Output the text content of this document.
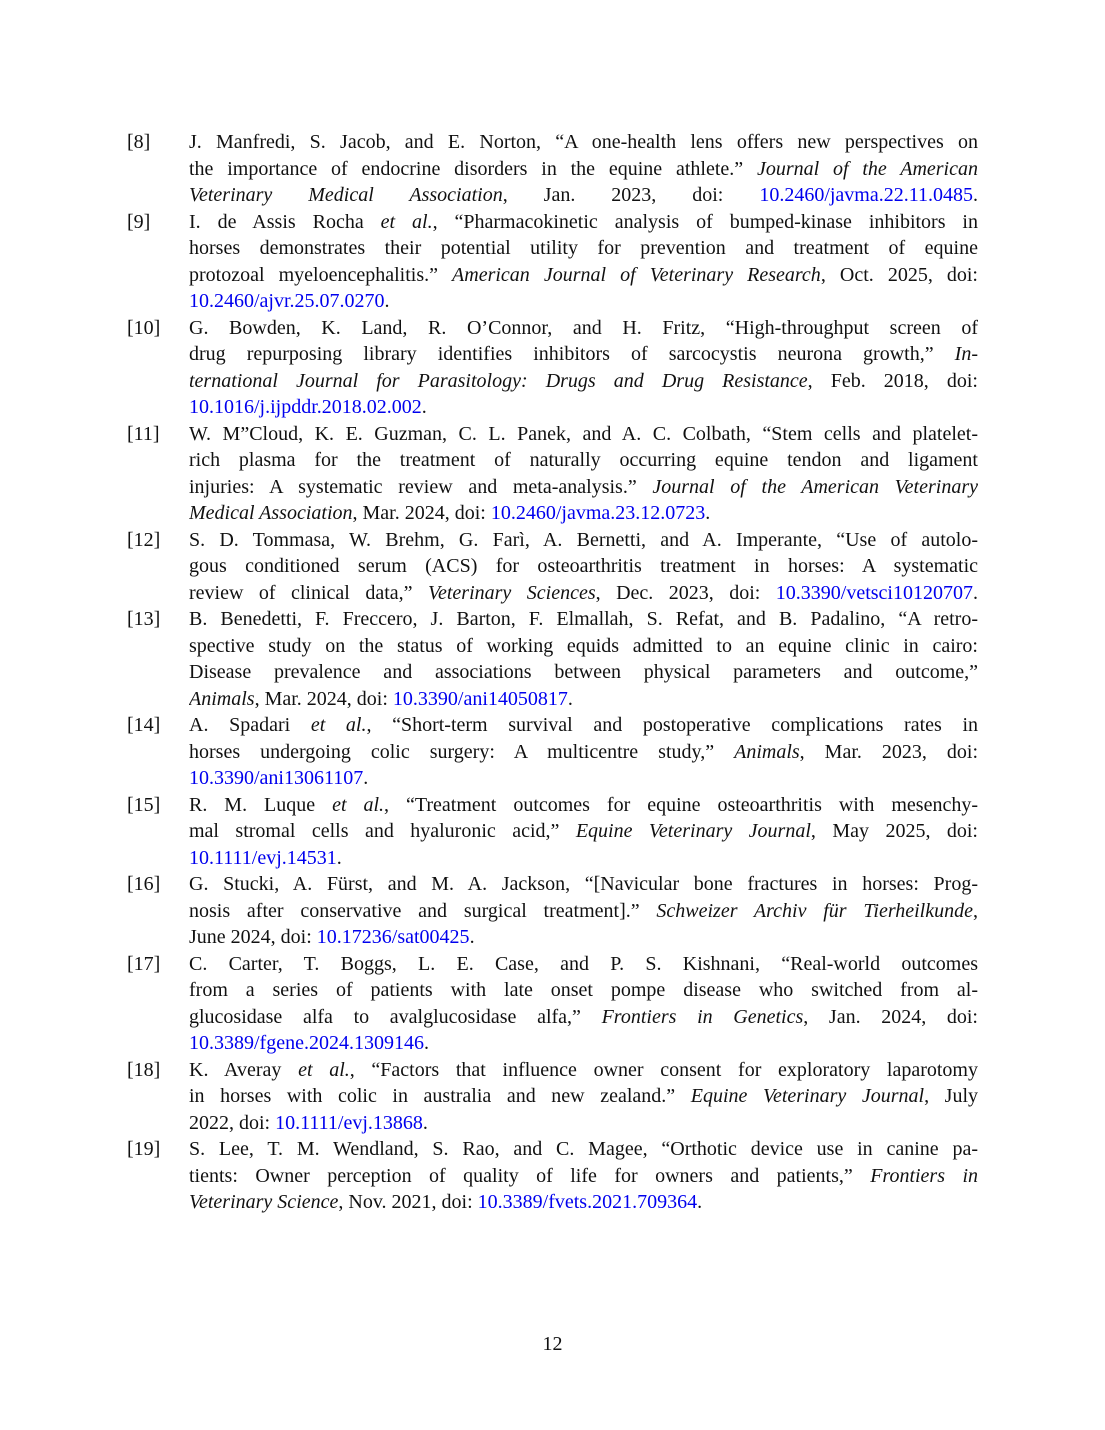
[8]	J. Manfredi, S. Jacob, and E. Norton, “A one-health lens offers new perspectives on
the importance of endocrine disorders in the equine athlete.” Journal of the American
Veterinary Medical Association, Jan. 2023, doi: 10.2460/javma.22.11.0485.
[9]	I. de Assis Rocha et al., “Pharmacokinetic analysis of bumped-kinase inhibitors in
horses demonstrates their potential utility for prevention and treatment of equine
protozoal myeloencephalitis.” American Journal of Veterinary Research, Oct. 2025, doi:
10.2460/ajvr.25.07.0270.
[10]	G. Bowden, K. Land, R. O’Connor, and H. Fritz, “High-throughput screen of
drug repurposing library identifies inhibitors of sarcocystis neurona growth,” In-
ternational Journal for Parasitology: Drugs and Drug Resistance, Feb. 2018, doi:
10.1016/j.ijpddr.2018.02.002.
[11]	W. M”Cloud, K. E. Guzman, C. L. Panek, and A. C. Colbath, “Stem cells and platelet-
rich plasma for the treatment of naturally occurring equine tendon and ligament
injuries: A systematic review and meta-analysis.” Journal of the American Veterinary
Medical Association, Mar. 2024, doi: 10.2460/javma.23.12.0723.
[12]	S. D. Tommasa, W. Brehm, G. Farì, A. Bernetti, and A. Imperante, “Use of autolo-
gous conditioned serum (ACS) for osteoarthritis treatment in horses: A systematic
review of clinical data,” Veterinary Sciences, Dec. 2023, doi: 10.3390/vetsci10120707.
[13]	B. Benedetti, F. Freccero, J. Barton, F. Elmallah, S. Refat, and B. Padalino, “A retro-
spective study on the status of working equids admitted to an equine clinic in cairo:
Disease prevalence and associations between physical parameters and outcome,”
Animals, Mar. 2024, doi: 10.3390/ani14050817.
[14]	A. Spadari et al., “Short-term survival and postoperative complications rates in
horses undergoing colic surgery: A multicentre study,” Animals, Mar. 2023, doi:
10.3390/ani13061107.
[15]	R. M. Luque et al., “Treatment outcomes for equine osteoarthritis with mesenchy-
mal stromal cells and hyaluronic acid,” Equine Veterinary Journal, May 2025, doi:
10.1111/evj.14531.
[16]	G. Stucki, A. Fürst, and M. A. Jackson, “[Navicular bone fractures in horses: Prog-
nosis after conservative and surgical treatment].” Schweizer Archiv für Tierheilkunde,
June 2024, doi: 10.17236/sat00425.
[17]	C. Carter, T. Boggs, L. E. Case, and P. S. Kishnani, “Real-world outcomes
from a series of patients with late onset pompe disease who switched from al-
glucosidase alfa to avalglucosidase alfa,” Frontiers in Genetics, Jan. 2024, doi:
10.3389/fgene.2024.1309146.
[18]	K. Averay et al., “Factors that influence owner consent for exploratory laparotomy
in horses with colic in australia and new zealand.” Equine Veterinary Journal, July
2022, doi: 10.1111/evj.13868.
[19]	S. Lee, T. M. Wendland, S. Rao, and C. Magee, “Orthotic device use in canine pa-
tients: Owner perception of quality of life for owners and patients,” Frontiers in
Veterinary Science, Nov. 2021, doi: 10.3389/fvets.2021.709364.
12
